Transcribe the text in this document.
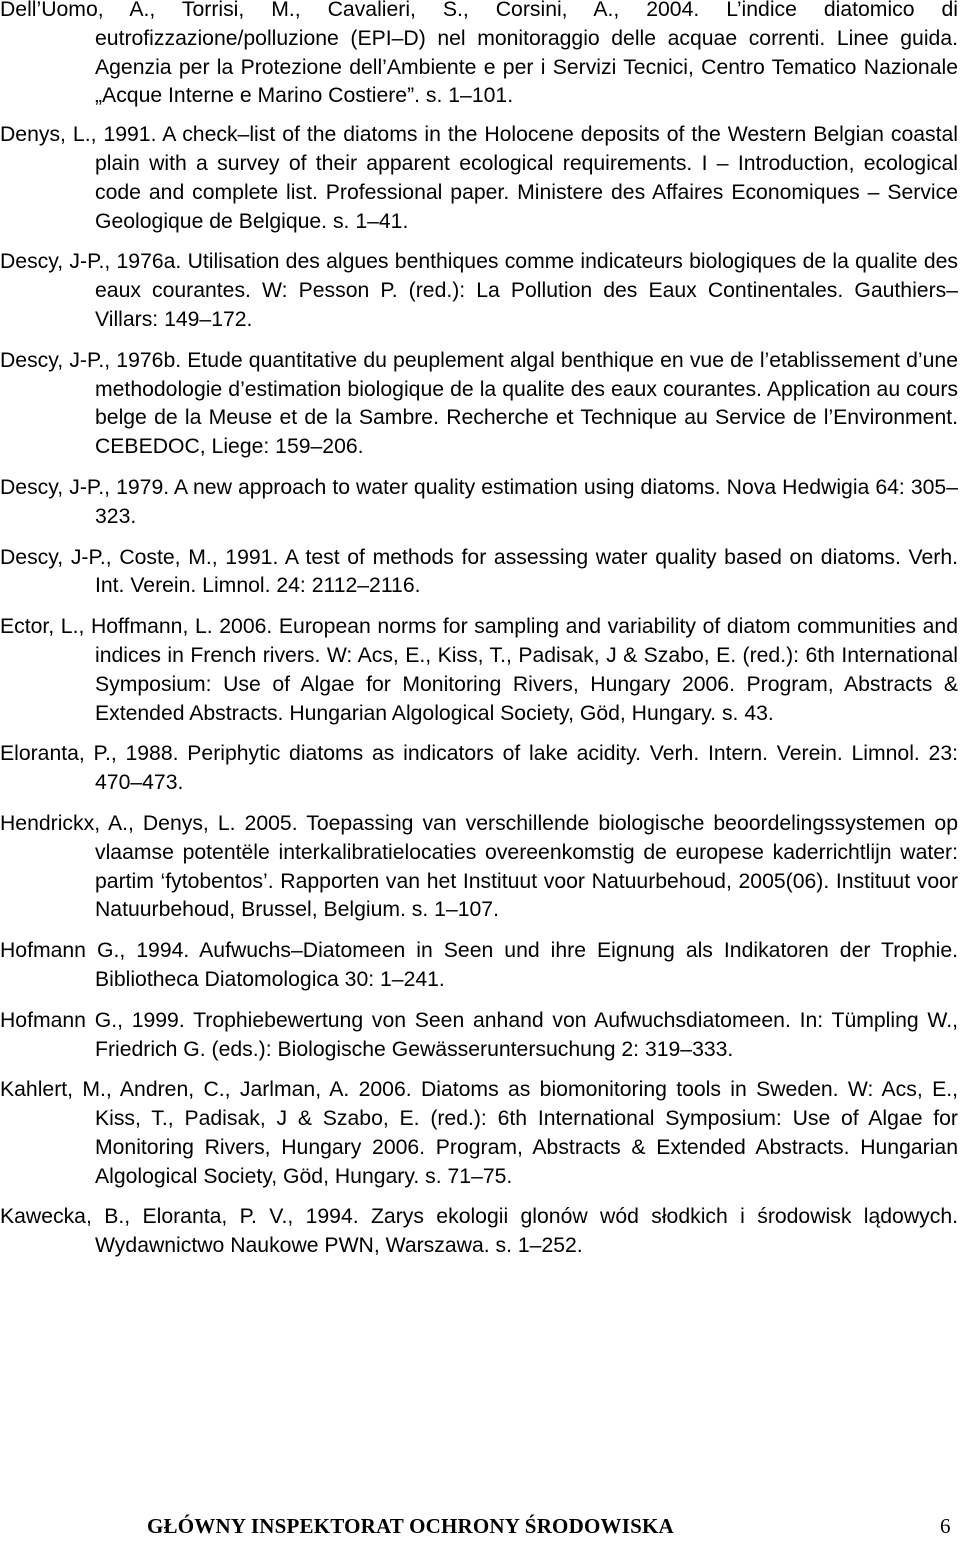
Dell’Uomo, A., Torrisi, M., Cavalieri, S., Corsini, A., 2004. L’indice diatomico di eutrofizzazione/polluzione (EPI–D) nel monitoraggio delle acquae correnti. Linee guida. Agenzia per la Protezione dell’Ambiente e per i Servizi Tecnici, Centro Tematico Nazionale „Acque Interne e Marino Costiere”. s. 1–101.
Denys, L., 1991. A check–list of the diatoms in the Holocene deposits of the Western Belgian coastal plain with a survey of their apparent ecological requirements. I – Introduction, ecological code and complete list. Professional paper. Ministere des Affaires Economiques – Service Geologique de Belgique. s. 1–41.
Descy, J-P., 1976a. Utilisation des algues benthiques comme indicateurs biologiques de la qualite des eaux courantes. W: Pesson P. (red.): La Pollution des Eaux Continentales. Gauthiers–Villars: 149–172.
Descy, J-P., 1976b. Etude quantitative du peuplement algal benthique en vue de l’etablissement d’une methodologie d’estimation biologique de la qualite des eaux courantes. Application au cours belge de la Meuse et de la Sambre. Recherche et Technique au Service de l’Environment. CEBEDOC, Liege: 159–206.
Descy, J-P., 1979. A new approach to water quality estimation using diatoms. Nova Hedwigia 64: 305–323.
Descy, J-P., Coste, M., 1991. A test of methods for assessing water quality based on diatoms. Verh. Int. Verein. Limnol. 24: 2112–2116.
Ector, L., Hoffmann, L. 2006. European norms for sampling and variability of diatom communities and indices in French rivers. W: Acs, E., Kiss, T., Padisak, J & Szabo, E. (red.): 6th International Symposium: Use of Algae for Monitoring Rivers, Hungary 2006. Program, Abstracts & Extended Abstracts. Hungarian Algological Society, Göd, Hungary. s. 43.
Eloranta, P., 1988. Periphytic diatoms as indicators of lake acidity. Verh. Intern. Verein. Limnol. 23: 470–473.
Hendrickx, A., Denys, L. 2005. Toepassing van verschillende biologische beoordelingssystemen op vlaamse potentële interkalibratielocaties overeenkomstig de europese kaderrichtlijn water: partim ‘fytobentos’. Rapporten van het Instituut voor Natuurbehoud, 2005(06). Instituut voor Natuurbehoud, Brussel, Belgium. s. 1–107.
Hofmann G., 1994. Aufwuchs–Diatomeen in Seen und ihre Eignung als Indikatoren der Trophie. Bibliotheca Diatomologica 30: 1–241.
Hofmann G., 1999. Trophiebewertung von Seen anhand von Aufwuchsdiatomeen. In: Tümpling W., Friedrich G. (eds.): Biologische Gewässeruntersuchung 2: 319–333.
Kahlert, M., Andren, C., Jarlman, A. 2006. Diatoms as biomonitoring tools in Sweden. W: Acs, E., Kiss, T., Padisak, J & Szabo, E. (red.): 6th International Symposium: Use of Algae for Monitoring Rivers, Hungary 2006. Program, Abstracts & Extended Abstracts. Hungarian Algological Society, Göd, Hungary. s. 71–75.
Kawecka, B., Eloranta, P. V., 1994. Zarys ekologii glonów wód słodkich i środowisk lądowych. Wydawnictwo Naukowe PWN, Warszawa. s. 1–252.
GŁÓWNY INSPEKTORAT OCHRONY ŚRODOWISKA	6
